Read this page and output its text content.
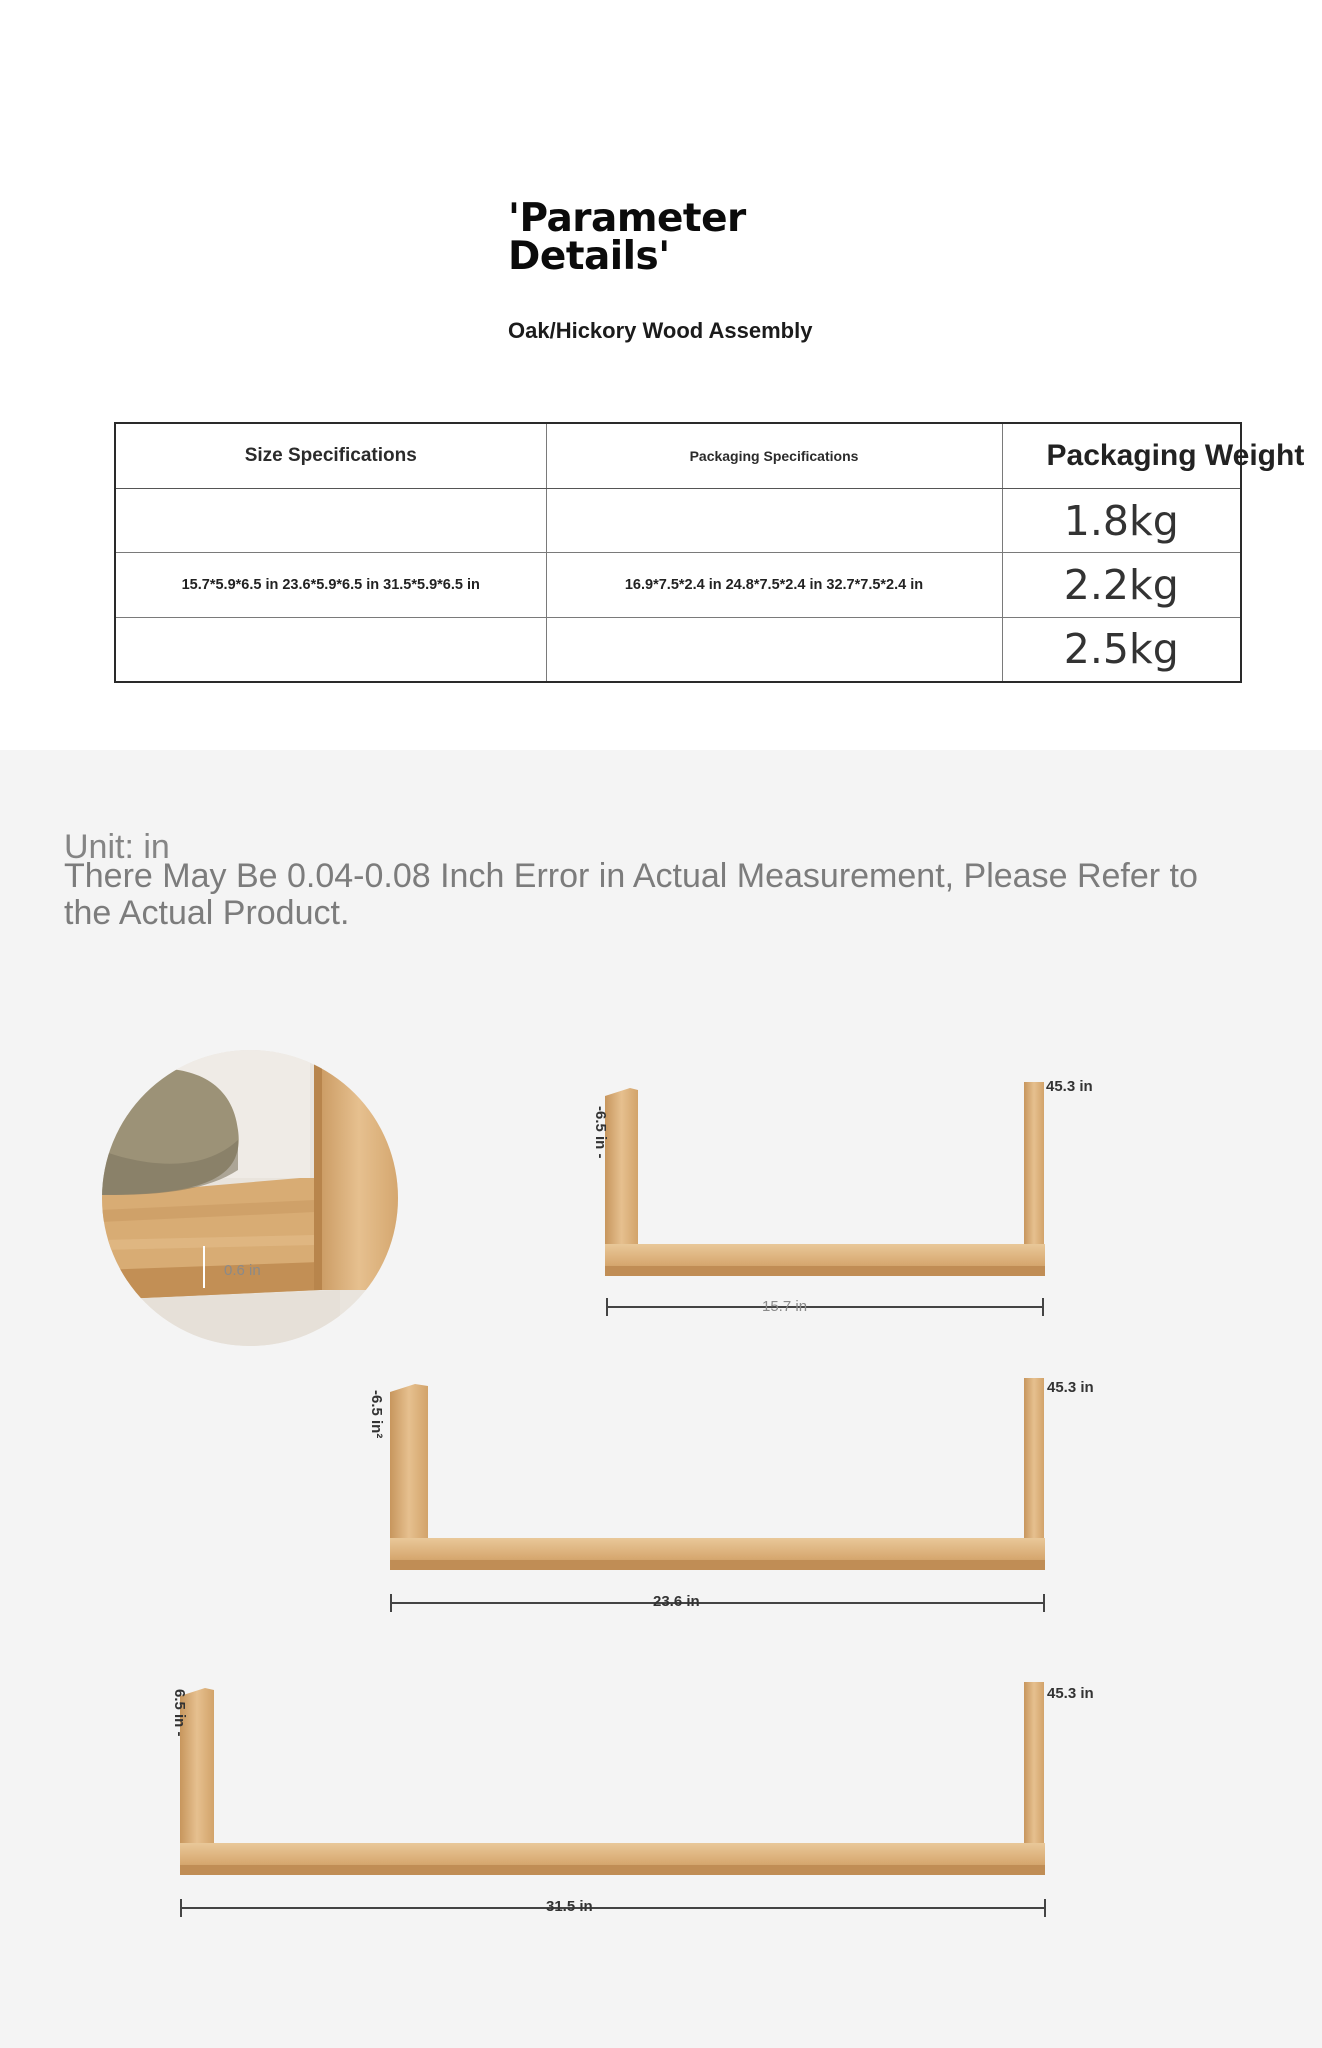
'Parameter Details'
Oak/Hickory Wood Assembly
Size Specifications	Packaging Specifications	Packaging Weight
		1.8kg
15.7*5.9*6.5 in 23.6*5.9*6.5 in 31.5*5.9*6.5 in	16.9*7.5*2.4 in 24.8*7.5*2.4 in 32.7*7.5*2.4 in	2.2kg
		2.5kg
Unit: in
There May Be 0.04-0.08 Inch Error in Actual Measurement, Please Refer to the Actual Product.
0.6 in
15.7 in
45.3 in
-6.5 in -
23.6 in
45.3 in
-6.5 in²
31.5 in
45.3 in
6.5 in -
